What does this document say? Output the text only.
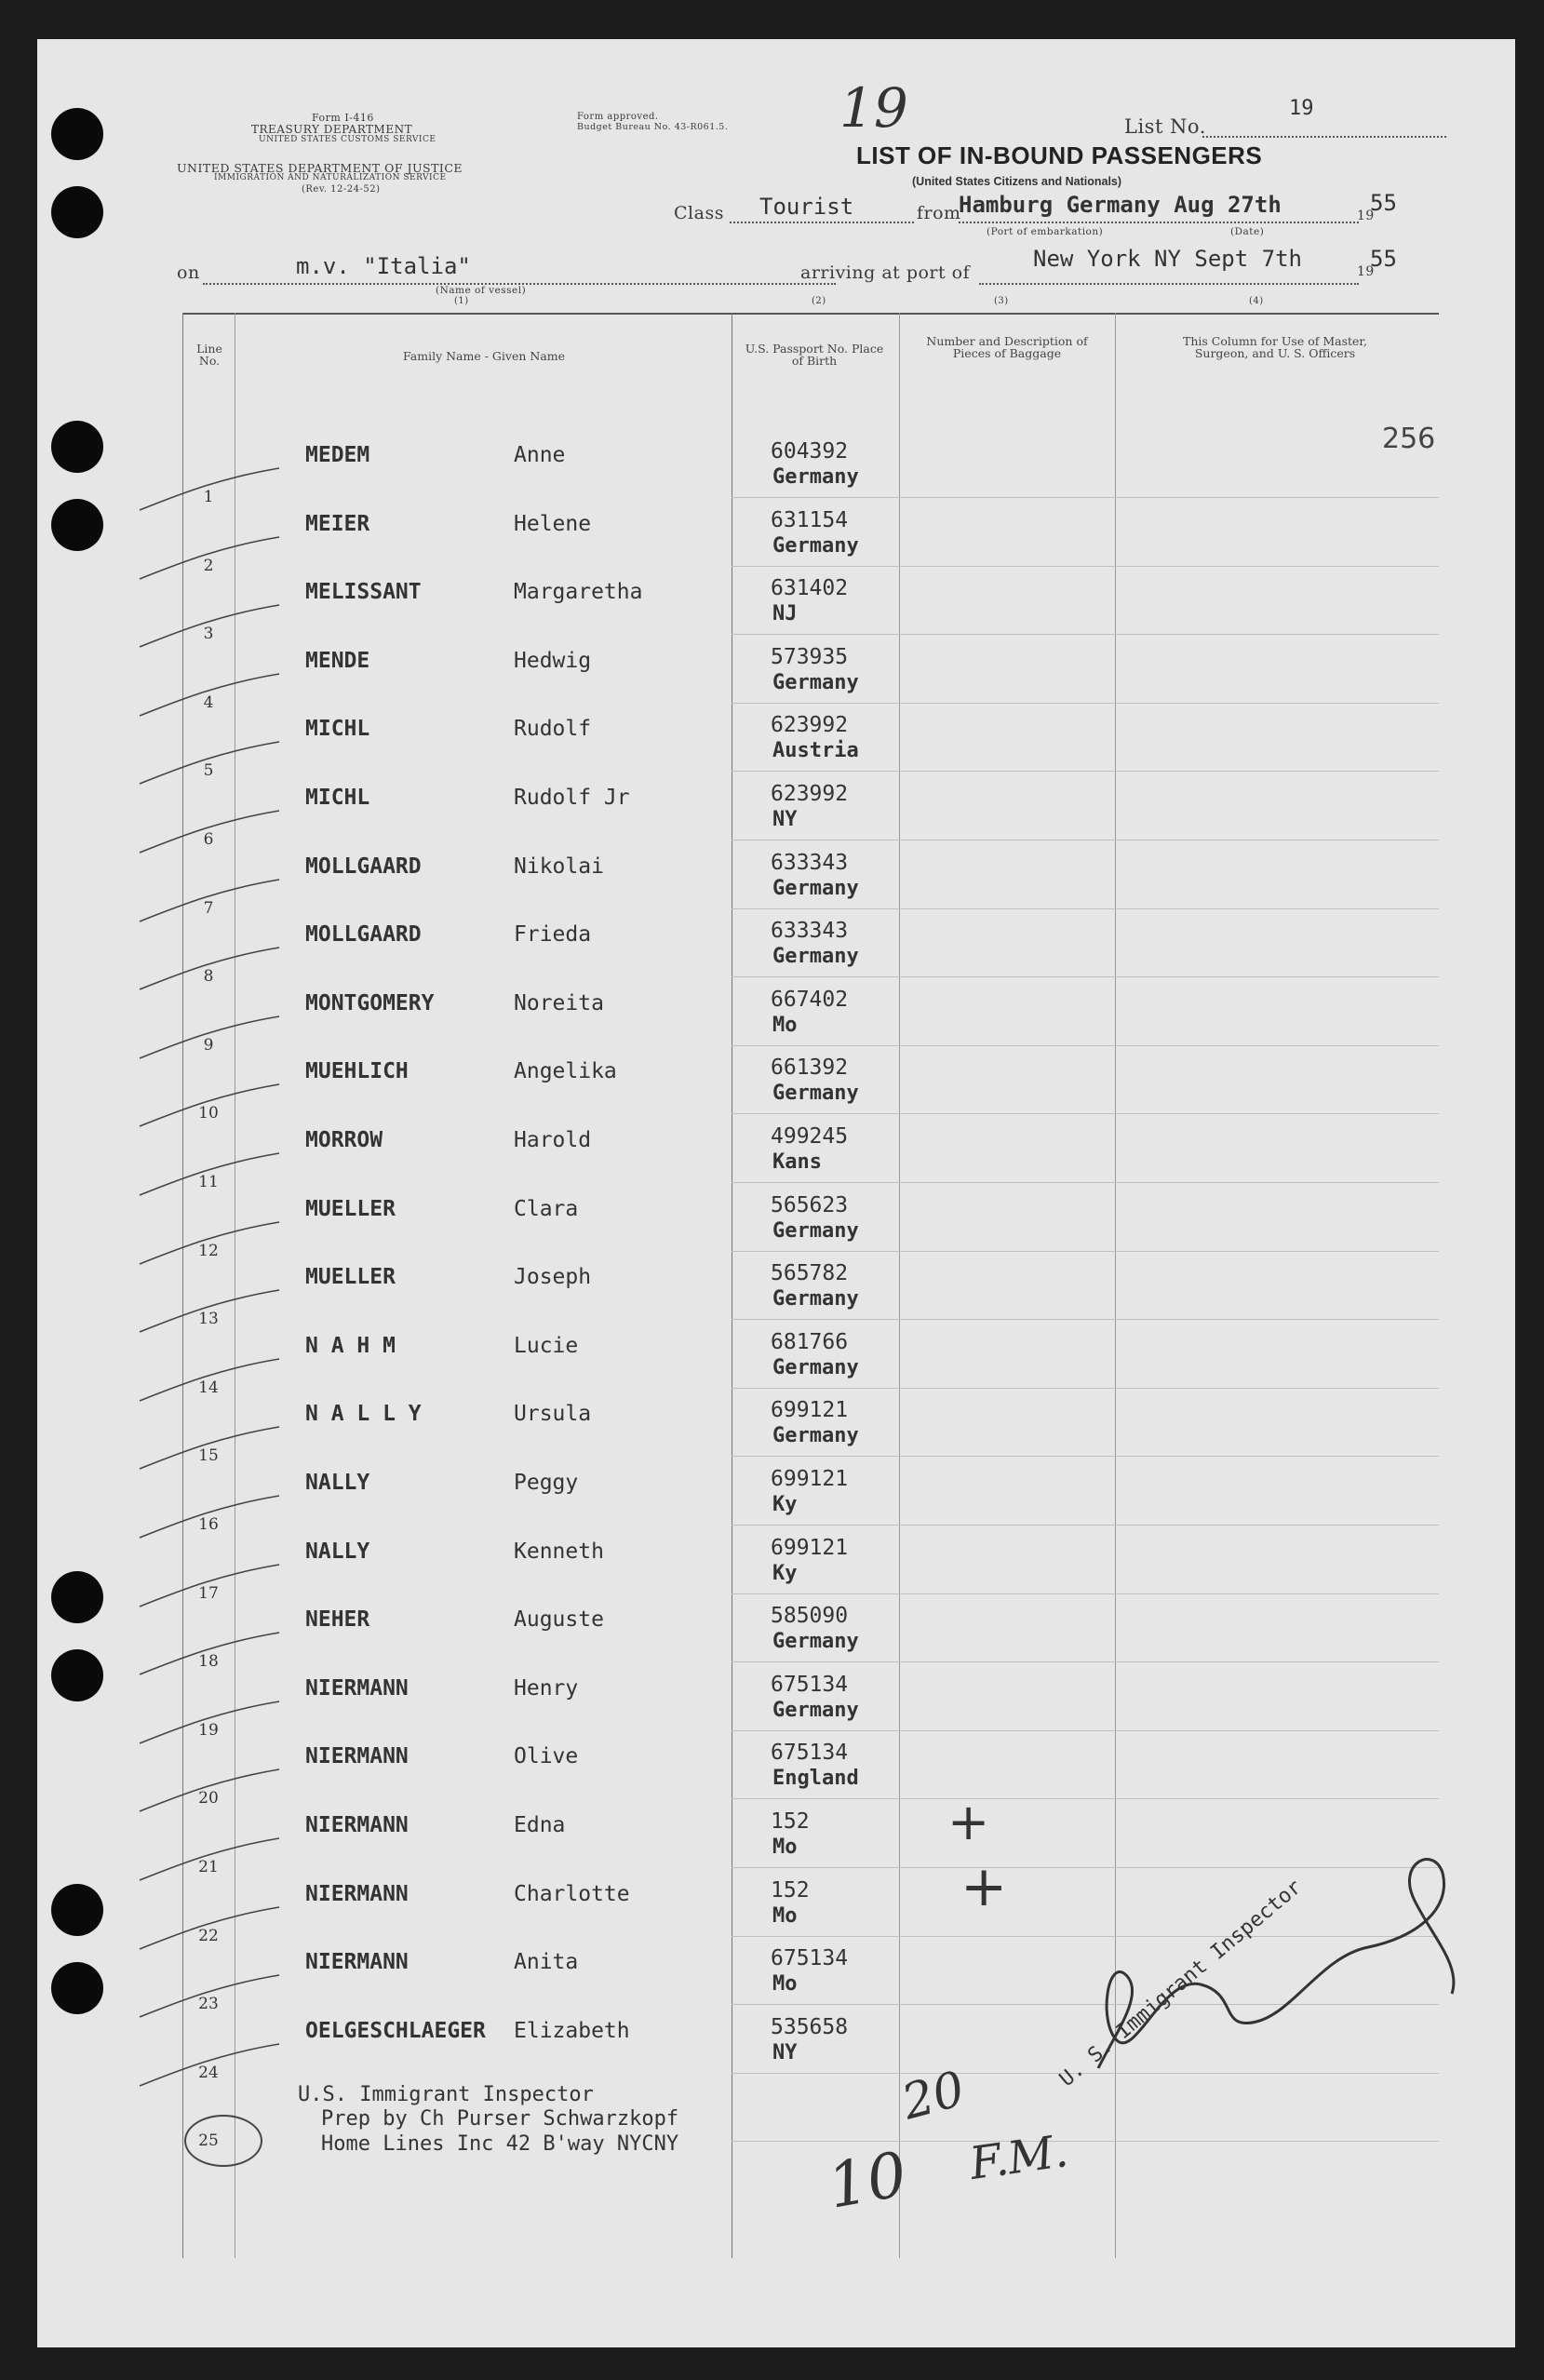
Form I-416
TREASURY DEPARTMENT
UNITED STATES CUSTOMS SERVICE
UNITED STATES DEPARTMENT OF JUSTICE
IMMIGRATION AND NATURALIZATION SERVICE
(Rev. 12-24-52)
Form approved.
Budget Bureau No. 43-R061.5. 19	List No.
19
LIST OF IN-BOUND PASSENGERS
(United States Citizens and Nationals)
Class Tourist	from
Hamburg Germany Aug 27th	19
55
(Port of embarkation)	(Date)
on	m.v. "Italia"
(Name of vessel)
arriving at port of
New York NY Sept 7th	19
55
(1)	(2)	(3)	(4)
Line No.	Family Name - Given Name
U.S. Passport No. Place of Birth
Number and Description of Pieces of Baggage
This Column for Use of Master, Surgeon, and U. S. Officers
256
1
MEDEM	Anne	604392
Germany
2
MEIER	Helene	631154
Germany
3
MELISSANT	Margaretha	631402
NJ
4
MENDE	Hedwig	573935
Germany
5
MICHL	Rudolf	623992
Austria
6
MICHL	Rudolf Jr	623992
NY
7
MOLLGAARD	Nikolai	633343
Germany
8
MOLLGAARD	Frieda	633343
Germany
9
MONTGOMERY	Noreita	667402
Mo
10
MUEHLICH	Angelika	661392
Germany
11
MORROW	Harold	499245
Kans
12
MUELLER	Clara	565623
Germany
13
MUELLER	Joseph	565782
Germany
14
N A H M	Lucie	681766
Germany
15
N A L L Y	Ursula	699121
Germany
16
NALLY	Peggy	699121
Ky
17
NALLY	Kenneth	699121
Ky
18
NEHER	Auguste	585090
Germany
19
NIERMANN	Henry	675134
Germany
20
NIERMANN	Olive	675134
England
21
NIERMANN	Edna	152
Mo
22
NIERMANN	Charlotte	152
Mo
23
NIERMANN	Anita	675134
Mo
24
OELGESCHLAEGER Elizabeth	535658
NY
25
+
+
U.S. Immigrant Inspector
Prep by Ch Purser Schwarzkopf
Home Lines Inc 42 B'way NYCNY
U. S. Immigrant Inspector
20
10 F.M.
